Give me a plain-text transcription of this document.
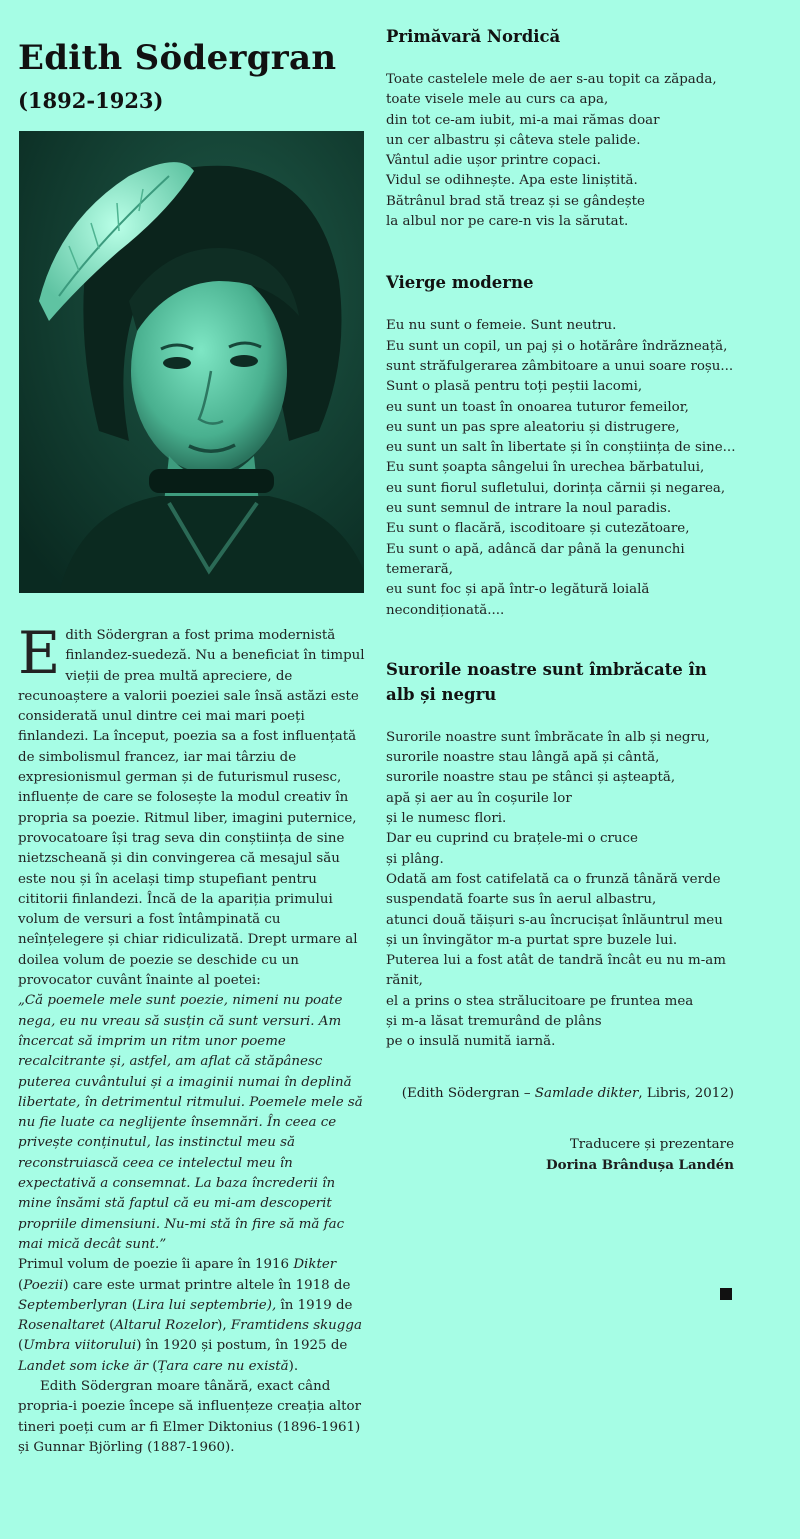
Edith Södergran
(1892-1923)

Edith Södergran a fost prima modernistă finlandez-suedeză. Nu a beneficiat în timpul vieții de prea multă apreciere, de recunoaștere a valorii poeziei sale însă astăzi este considerată unul dintre cei mai mari poeți finlandezi. La început, poezia sa a fost influențată de simbolismul francez, iar mai târziu de expresionismul german și de futurismul rusesc, influențe de care se folosește la modul creativ în propria sa poezie. Ritmul liber, imagini puternice, provocatoare își trag seva din conștiința de sine nietzscheană și din convingerea că mesajul său este nou și în același timp stupefiant pentru cititorii finlandezi. Încă de la apariția primului volum de versuri a fost întâmpinată cu neînțelegere și chiar ridiculizată. Drept urmare al doilea volum de poezie se deschide cu un provocator cuvânt înainte al poetei:

„Că poemele mele sunt poezie, nimeni nu poate nega, eu nu vreau să susțin că sunt versuri. Am încercat să imprim un ritm unor poeme recalcitrante și, astfel, am aflat că stăpânesc puterea cuvântului și a imaginii numai în deplină libertate, în detrimentul ritmului. Poemele mele să nu fie luate ca neglijente însemnări. În ceea ce privește conținutul, las instinctul meu să reconstruiască ceea ce intelectul meu în expectativă a consemnat. La baza încrederii în mine însămi stă faptul că eu mi-am descoperit propriile dimensiuni. Nu-mi stă în fire să mă fac mai mică decât sunt.”

Primul volum de poezie îi apare în 1916 Dikter (Poezii) care este urmat printre altele în 1918 de Septemberlyran (Lira lui septembrie), în 1919 de Rosenaltaret (Altarul Rozelor), Framtidens skugga (Umbra viitorului) în 1920 și postum, în 1925 de Landet som icke är (Țara care nu există).

Edith Södergran moare tânără, exact când propria-i poezie începe să influențeze creația altor tineri poeți cum ar fi Elmer Diktonius (1896-1961) și Gunnar Björling (1887-1960).

Primăvară Nordică
Toate castelele mele de aer s-au topit ca zăpada,
toate visele mele au curs ca apa,
din tot ce-am iubit, mi-a mai rămas doar
un cer albastru și câteva stele palide.
Vântul adie ușor printre copaci.
Vidul se odihnește. Apa este liniștită.
Bătrânul brad stă treaz și se gândește
la albul nor pe care-n vis la sărutat.
Vierge moderne
Eu nu sunt o femeie. Sunt neutru.
Eu sunt un copil, un paj și o hotărâre îndrăzneață,
sunt străfulgerarea zâmbitoare a unui soare roșu...
Sunt o plasă pentru toți peștii lacomi,
eu sunt un toast în onoarea tuturor femeilor,
eu sunt un pas spre aleatoriu și distrugere,
eu sunt un salt în libertate și în conștiința de sine...
Eu sunt șoapta sângelui în urechea bărbatului,
eu sunt fiorul sufletului, dorința cărnii și negarea,
eu sunt semnul de intrare la noul paradis.
Eu sunt o flacără, iscoditoare și cutezătoare,
Eu sunt o apă, adâncă dar până la genunchi temerară,
eu sunt foc și apă într-o legătură loială necondiționată....
Surorile noastre sunt îmbrăcate în alb și negru
Surorile noastre sunt îmbrăcate în alb și negru,
surorile noastre stau lângă apă și cântă,
surorile noastre stau pe stânci și așteaptă,
apă și aer au în coșurile lor
și le numesc flori.
Dar eu cuprind cu brațele-mi o cruce
și plâng.
Odată am fost catifelată ca o frunză tânără verde
suspendată foarte sus în aerul albastru,
atunci două tăișuri s-au încrucișat înlăuntrul meu
și un învingător m-a purtat spre buzele lui.
Puterea lui a fost atât de tandră încât eu nu m-am rănit,
el a prins o stea strălucitoare pe fruntea mea
și m-a lăsat tremurând de plâns
pe o insulă numită iarnă.
(Edith Södergran – Samlade dikter, Libris, 2012)
Traducere și prezentare
Dorina Brândușa Landén
